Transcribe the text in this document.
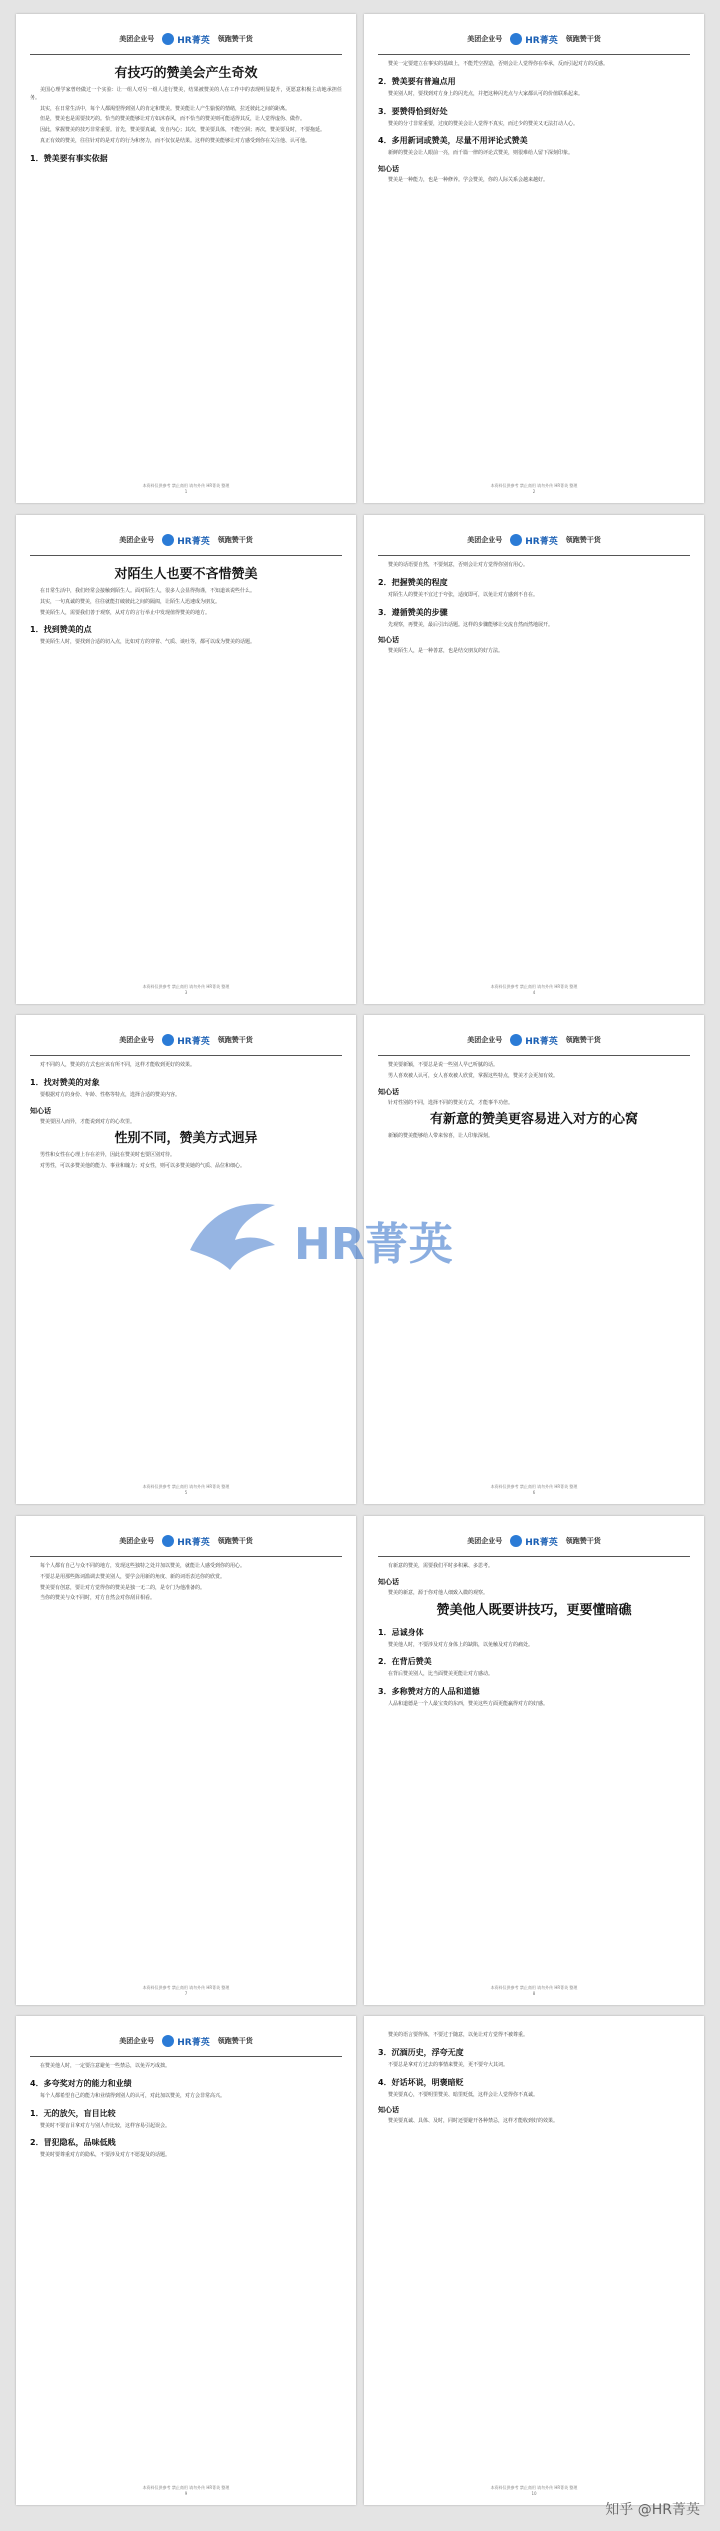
美团企业号	HR菁英 领跑赞干货
有技巧的赞美会产生奇效

美国心理学家曾经做过一个实验：让一组人对另一组人进行赞美，结果被赞美的人在工作中的表现明显提升，更愿意积极主动地承担任务。

其实，在日常生活中，每个人都渴望得到别人的肯定和赞美。赞美能让人产生愉悦的情绪，拉近彼此之间的距离。

但是，赞美也是需要技巧的。恰当的赞美能够让对方如沐春风，而不恰当的赞美则可能适得其反，让人觉得虚伪、做作。

因此，掌握赞美的技巧非常重要。首先，赞美要真诚，发自内心；其次，赞美要具体，不能空洞；再次，赞美要及时，不要拖延。

真正有效的赞美，往往针对的是对方的行为和努力，而不仅仅是结果。这样的赞美能够让对方感受到你在关注他、认可他。

1．赞美要有事实依据
本资料仅供参考 禁止商用 请勿外传 HR菁英 整理
1
美团企业号	HR菁英 领跑赞干货

赞美一定要建立在事实的基础上，不能凭空捏造，否则会让人觉得你在奉承，反而引起对方的反感。

2．赞美要有普遍点用

赞美别人时，要找到对方身上的闪光点，并把这种闪光点与大家都认可的价值联系起来。

3．要赞得恰到好处

赞美的分寸非常重要，过度的赞美会让人觉得不真实，而过少的赞美又无法打动人心。

4．多用新词或赞美，尽量不用评论式赞美

新鲜的赞美会让人眼前一亮，而千篇一律的评论式赞美，则很难给人留下深刻印象。

知心话

赞美是一种能力，也是一种修养。学会赞美，你的人际关系会越来越好。

本资料仅供参考 禁止商用 请勿外传 HR菁英 整理
2
美团企业号	HR菁英 领跑赞干货
对陌生人也要不吝惜赞美

在日常生活中，我们经常会接触到陌生人。面对陌生人，很多人会显得拘谨，不知道该说些什么。

其实，一句真诚的赞美，往往就能打破彼此之间的隔阂，让陌生人迅速成为朋友。

赞美陌生人，需要我们善于观察，从对方的言行举止中发现值得赞美的地方。

1．找到赞美的点

赞美陌生人时，要找到合适的切入点，比如对方的穿着、气质、谈吐等，都可以成为赞美的话题。

本资料仅供参考 禁止商用 请勿外传 HR菁英 整理
3
美团企业号	HR菁英 领跑赞干货

赞美的话语要自然，不要刻意，否则会让对方觉得你别有用心。

2．把握赞美的程度

对陌生人的赞美不宜过于夸张，适度即可，以免让对方感到不自在。

3．遵循赞美的步骤

先观察，再赞美，最后引出话题。这样的步骤能够让交流自然而然地展开。

知心话

赞美陌生人，是一种善意，也是结交朋友的好方法。

本资料仅供参考 禁止商用 请勿外传 HR菁英 整理
4
美团企业号	HR菁英 领跑赞干货

对不同的人，赞美的方式也应该有所不同，这样才能收到更好的效果。

1．找对赞美的对象

要根据对方的身份、年龄、性格等特点，选择合适的赞美内容。

知心话

赞美要因人而异，才能说到对方的心坎里。

性别不同，赞美方式迥异

男性和女性在心理上存在差异，因此在赞美时也要区别对待。

对男性，可以多赞美他的能力、事业和魄力；对女性，则可以多赞美她的气质、品位和细心。

本资料仅供参考 禁止商用 请勿外传 HR菁英 整理
5
美团企业号	HR菁英 领跑赞干货

赞美要新颖，不要总是说一些别人早已听腻的话。

男人喜欢被人认可，女人喜欢被人欣赏，掌握这些特点，赞美才会更加有效。

知心话

针对性别的不同，选择不同的赞美方式，才能事半功倍。

有新意的赞美更容易进入对方的心窝

新颖的赞美能够给人带来惊喜，让人印象深刻。

本资料仅供参考 禁止商用 请勿外传 HR菁英 整理
6
美团企业号	HR菁英 领跑赞干货

每个人都有自己与众不同的地方，发现这些独特之处并加以赞美，就能让人感受到你的用心。

不要总是用那些陈词滥调去赞美别人，要学会用新的角度、新的词语表达你的欣赏。

赞美要有创意，要让对方觉得你的赞美是独一无二的，是专门为他准备的。

当你的赞美与众不同时，对方自然会对你刮目相看。

本资料仅供参考 禁止商用 请勿外传 HR菁英 整理
7
美团企业号	HR菁英 领跑赞干货

有新意的赞美，需要我们平时多积累、多思考。

知心话

赞美的新意，源于你对他人细致入微的观察。

赞美他人既要讲技巧，更要懂暗礁
1．忌诚身体

赞美他人时，不要涉及对方身体上的缺陷，以免触及对方的痛处。

2．在背后赞美

在背后赞美别人，比当面赞美更能让对方感动。

3．多称赞对方的人品和道德

人品和道德是一个人最宝贵的东西，赞美这些方面更能赢得对方的好感。

本资料仅供参考 禁止商用 请勿外传 HR菁英 整理
8
美团企业号	HR菁英 领跑赞干货

在赞美他人时，一定要注意避免一些禁忌，以免弄巧成拙。

4．多夸奖对方的能力和业绩

每个人都希望自己的能力和业绩得到别人的认可，对此加以赞美，对方会非常高兴。

1．无的放矢，盲目比较

赞美时不要盲目拿对方与别人作比较，这样容易引起误会。

2．冒犯隐私，品味低贱

赞美时要尊重对方的隐私，不要涉及对方不愿提及的话题。

本资料仅供参考 禁止商用 请勿外传 HR菁英 整理
9

赞美的语言要得体，不要过于随意，以免让对方觉得不被尊重。

3．沉湎历史，浮夸无度

不要总是拿对方过去的事情来赞美，更不要夸大其词。

4．好话坏说，明褒暗贬

赞美要真心，不要明里赞美、暗里贬低，这样会让人觉得你不真诚。

知心话

赞美要真诚、具体、及时，同时还要避开各种禁忌，这样才能收到好的效果。

本资料仅供参考 禁止商用 请勿外传 HR菁英 整理
10
HR菁英
知乎 @HR菁英
